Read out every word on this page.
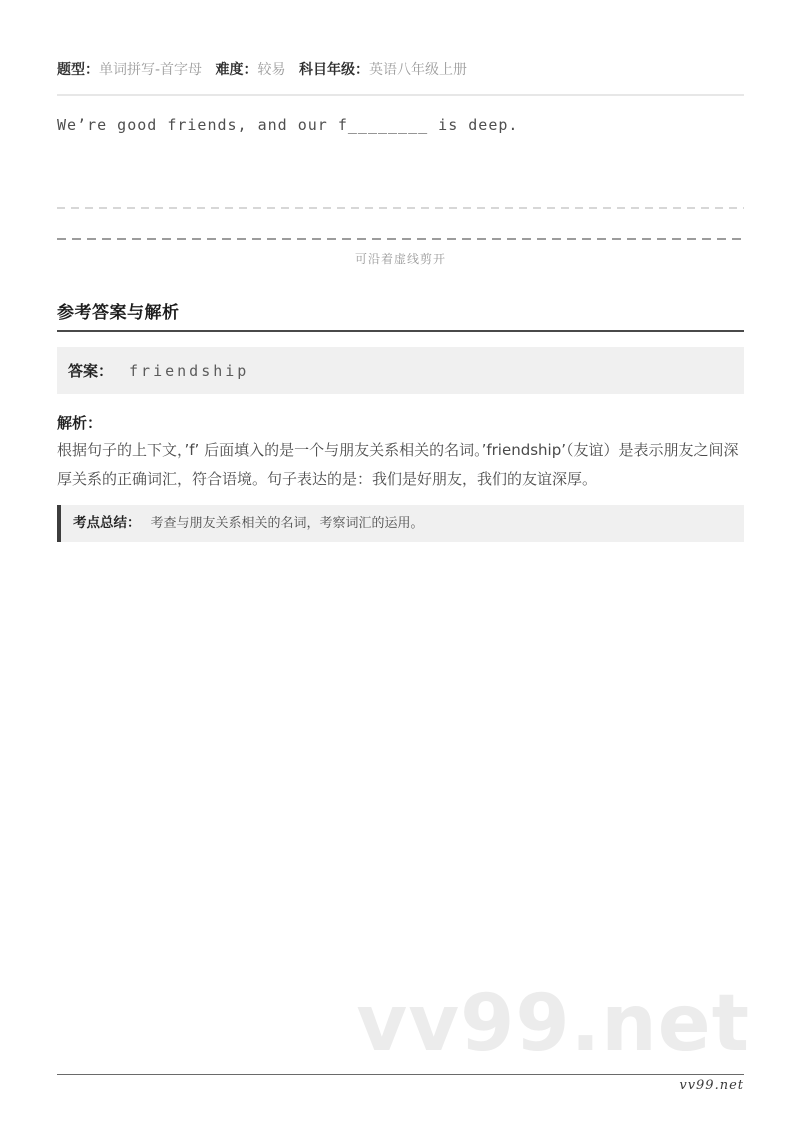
题型：单词拼写-首字母 难度：较易 科目年级：英语八年级上册
We’re good friends, and our f________ is deep.
可沿着虚线剪开
参考答案与解析
答案： friendship
解析：

根据句子的上下文，’f’ 后面填入的是一个与朋友关系相关的名词。’friendship’（友谊）是表示朋友之间深厚关系的正确词汇，符合语境。句子表达的是：我们是好朋友，我们的友谊深厚。

考点总结： 考查与朋友关系相关的名词，考察词汇的运用。
vv99.net
vv99.net
